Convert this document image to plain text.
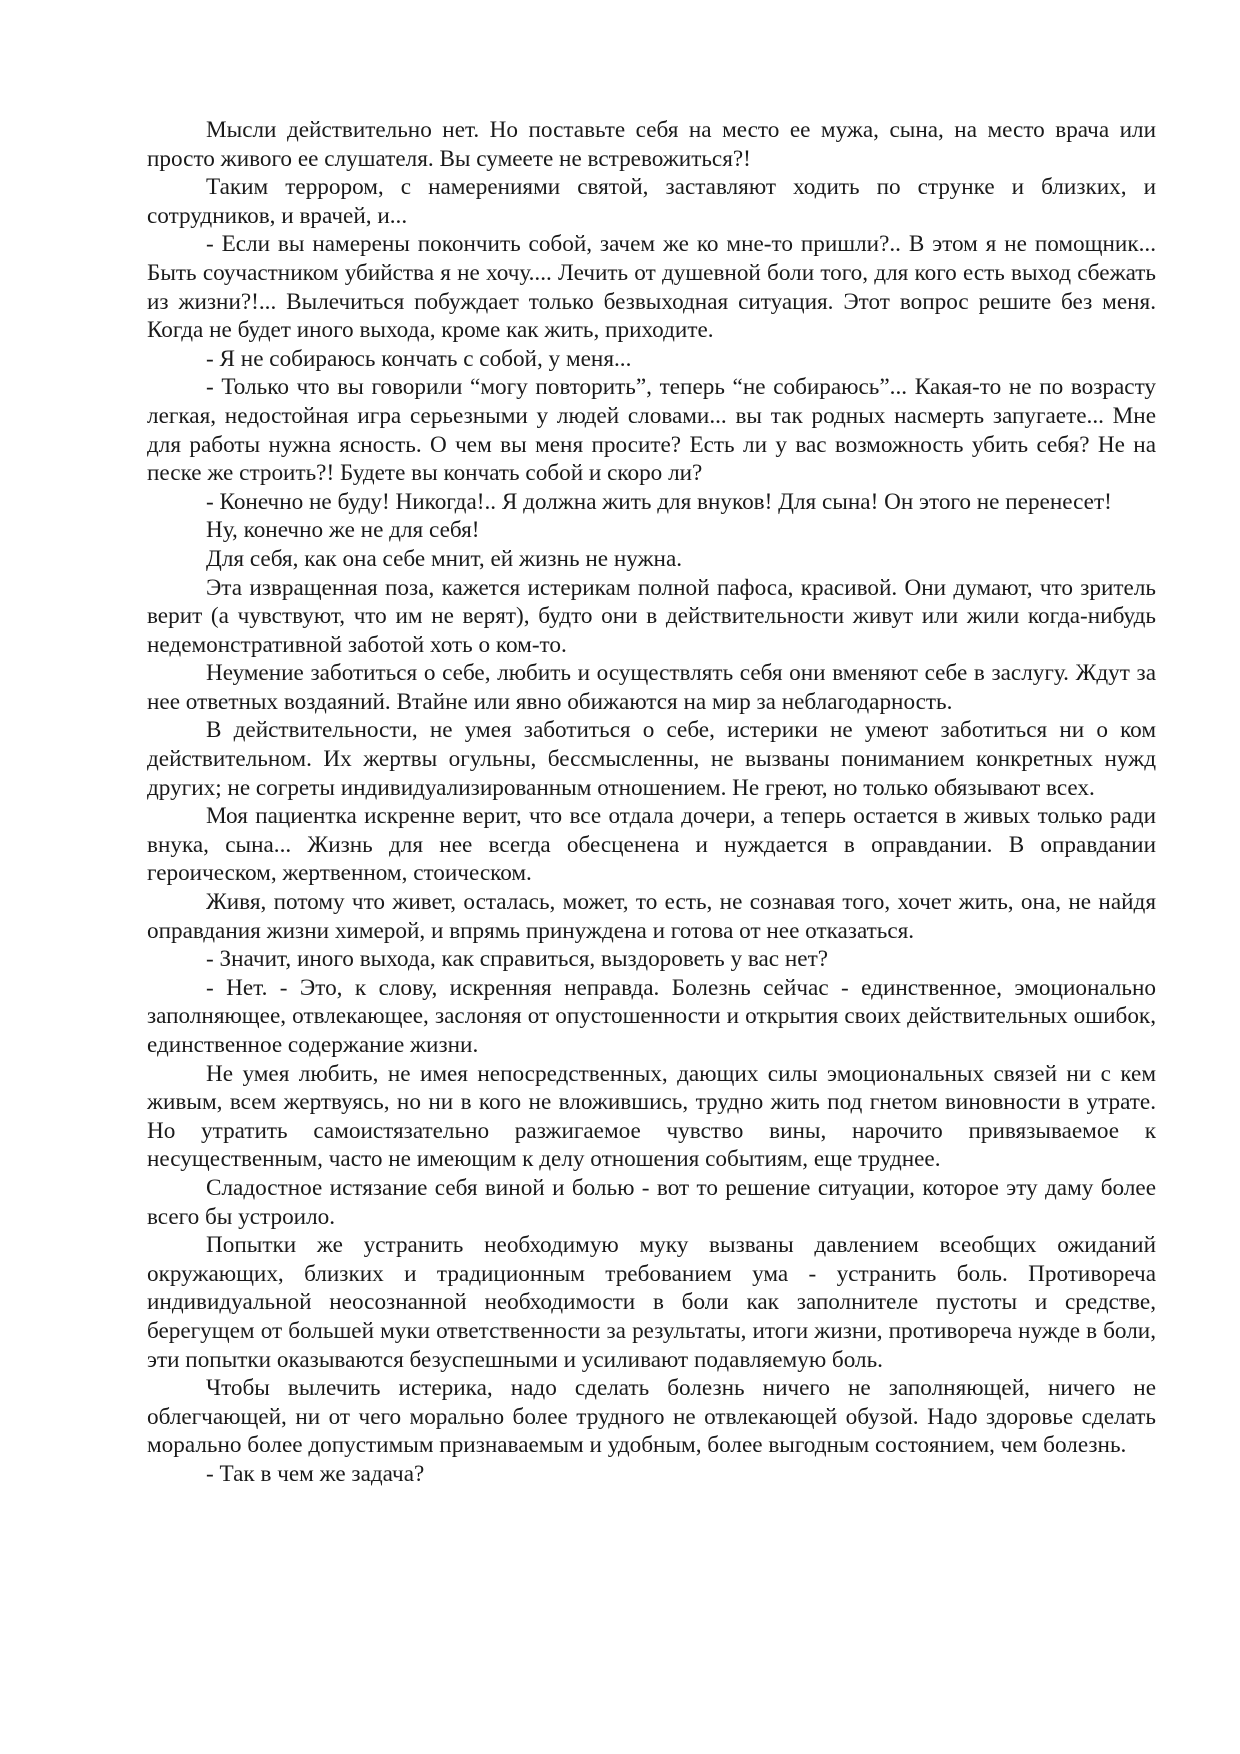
Мысли действительно нет. Но поставьте себя на место ее мужа, сына, на место врача или просто живого ее слушателя. Вы сумеете не встревожиться?!

Таким террором, с намерениями святой, заставляют ходить по струнке и близких, и сотрудников, и врачей, и...

- Если вы намерены покончить собой, зачем же ко мне-то пришли?.. В этом я не помощник... Быть соучастником убийства я не хочу.... Лечить от душевной боли того, для кого есть выход сбежать из жизни?!... Вылечиться побуждает только безвыходная ситуация. Этот вопрос решите без меня. Когда не будет иного выхода, кроме как жить, приходите.

- Я не собираюсь кончать с собой, у меня...

- Только что вы говорили “могу повторить”, теперь “не собираюсь”... Какая-то не по возрасту легкая, недостойная игра серьезными у людей словами... вы так родных насмерть запугаете... Мне для работы нужна ясность. О чем вы меня просите? Есть ли у вас возможность убить себя? Не на песке же строить?! Будете вы кончать собой и скоро ли?

- Конечно не буду! Никогда!.. Я должна жить для внуков! Для сына! Он этого не перенесет!

Ну, конечно же не для себя!

Для себя, как она себе мнит, ей жизнь не нужна.

Эта извращенная поза, кажется истерикам полной пафоса, красивой. Они думают, что зритель верит (а чувствуют, что им не верят), будто они в действительности живут или жили когда-нибудь недемонстративной заботой хоть о ком-то.

Неумение заботиться о себе, любить и осуществлять себя они вменяют себе в заслугу. Ждут за нее ответных воздаяний. Втайне или явно обижаются на мир за неблагодарность.

В действительности, не умея заботиться о себе, истерики не умеют заботиться ни о ком действительном. Их жертвы огульны, бессмысленны, не вызваны пониманием конкретных нужд других; не согреты индивидуализированным отношением. Не греют, но только обязывают всех.

Моя пациентка искренне верит, что все отдала дочери, а теперь остается в живых только ради внука, сына... Жизнь для нее всегда обесценена и нуждается в оправдании. В оправдании героическом, жертвенном, стоическом.

Живя, потому что живет, осталась, может, то есть, не сознавая того, хочет жить, она, не найдя оправдания жизни химерой, и впрямь принуждена и готова от нее отказаться.

- Значит, иного выхода, как справиться, выздороветь у вас нет?

- Нет. - Это, к слову, искренняя неправда. Болезнь сейчас - единственное, эмоционально заполняющее, отвлекающее, заслоняя от опустошенности и открытия своих действительных ошибок, единственное содержание жизни.

Не умея любить, не имея непосредственных, дающих силы эмоциональных связей ни с кем живым, всем жертвуясь, но ни в кого не вложившись, трудно жить под гнетом виновности в утрате. Но утратить самоистязательно разжигаемое чувство вины, нарочито привязываемое к несущественным, часто не имеющим к делу отношения событиям, еще труднее.

Сладостное истязание себя виной и болью - вот то решение ситуации, которое эту даму более всего бы устроило.

Попытки же устранить необходимую муку вызваны давлением всеобщих ожиданий окружающих, близких и традиционным требованием ума - устранить боль. Противореча индивидуальной неосознанной необходимости в боли как заполнителе пустоты и средстве, берегущем от большей муки ответственности за результаты, итоги жизни, противореча нужде в боли, эти попытки оказываются безуспешными и усиливают подавляемую боль.

Чтобы вылечить истерика, надо сделать болезнь ничего не заполняющей, ничего не облегчающей, ни от чего морально более трудного не отвлекающей обузой. Надо здоровье сделать морально более допустимым признаваемым и удобным, более выгодным состоянием, чем болезнь.

- Так в чем же задача?
